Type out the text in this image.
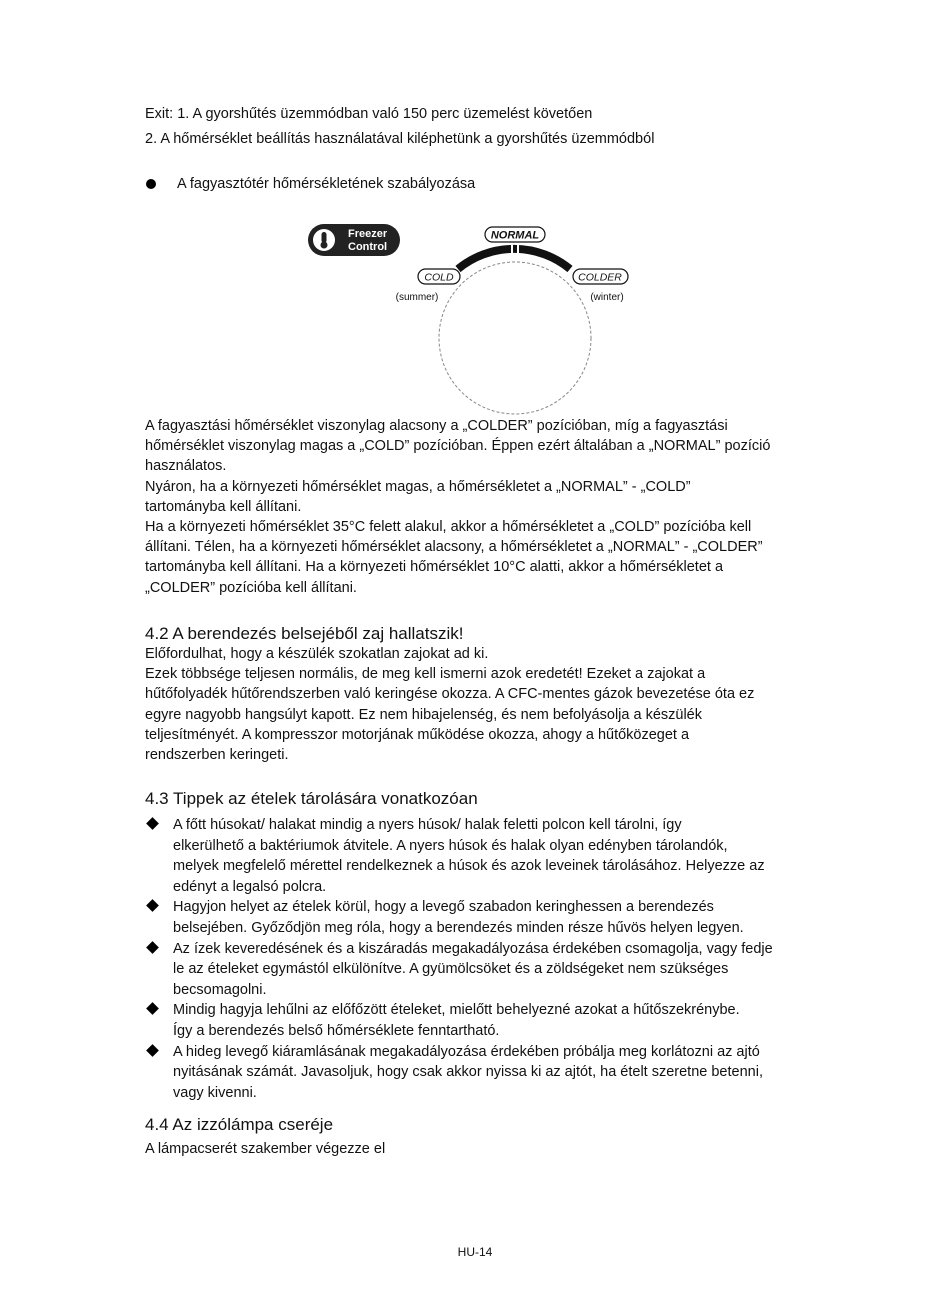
Exit: 1. A gyorshűtés üzemmódban való 150 perc üzemelést követően
2. A hőmérséklet beállítás használatával kiléphetünk a gyorshűtés üzemmódból
A fagyasztótér hőmérsékletének szabályozása
Freezer
Control
NORMAL
COLD
(summer)
COLDER
(winter)
A fagyasztási hőmérséklet viszonylag alacsony a „COLDER” pozícióban, míg a fagyasztási
hőmérséklet viszonylag magas a „COLD” pozícióban. Éppen ezért általában a „NORMAL” pozíció
használatos.
Nyáron, ha a környezeti hőmérséklet magas, a hőmérsékletet a „NORMAL” - „COLD”
tartományba kell állítani.
Ha a környezeti hőmérséklet 35°C felett alakul, akkor a hőmérsékletet a „COLD” pozícióba kell
állítani. Télen, ha a környezeti hőmérséklet alacsony, a hőmérsékletet a „NORMAL” - „COLDER”
tartományba kell állítani. Ha a környezeti hőmérséklet 10°C alatti, akkor a hőmérsékletet a
„COLDER” pozícióba kell állítani.
4.2 A berendezés belsejéből zaj hallatszik!
Előfordulhat, hogy a készülék szokatlan zajokat ad ki.
Ezek többsége teljesen normális, de meg kell ismerni azok eredetét! Ezeket a zajokat a
hűtőfolyadék hűtőrendszerben való keringése okozza. A CFC-mentes gázok bevezetése óta ez
egyre nagyobb hangsúlyt kapott. Ez nem hibajelenség, és nem befolyásolja a készülék
teljesítményét. A kompresszor motorjának működése okozza, ahogy a hűtőközeget a
rendszerben keringeti.
4.3 Tippek az ételek tárolására vonatkozóan
A főtt húsokat/ halakat mindig a nyers húsok/ halak feletti polcon kell tárolni, így
elkerülhető a baktériumok átvitele. A nyers húsok és halak olyan edényben tárolandók,
melyek megfelelő mérettel rendelkeznek a húsok és azok leveinek tárolásához. Helyezze az
edényt a legalsó polcra.
Hagyjon helyet az ételek körül, hogy a levegő szabadon keringhessen a berendezés
belsejében. Győződjön meg róla, hogy a berendezés minden része hűvös helyen legyen.
Az ízek keveredésének és a kiszáradás megakadályozása érdekében csomagolja, vagy fedje
le az ételeket egymástól elkülönítve. A gyümölcsöket és a zöldségeket nem szükséges
becsomagolni.
Mindig hagyja lehűlni az előfőzött ételeket, mielőtt behelyezné azokat a hűtőszekrénybe.
Így a berendezés belső hőmérséklete fenntartható.
A hideg levegő kiáramlásának megakadályozása érdekében próbálja meg korlátozni az ajtó
nyitásának számát. Javasoljuk, hogy csak akkor nyissa ki az ajtót, ha ételt szeretne betenni,
vagy kivenni.
4.4 Az izzólámpa cseréje
A lámpacserét szakember végezze el
HU-14
